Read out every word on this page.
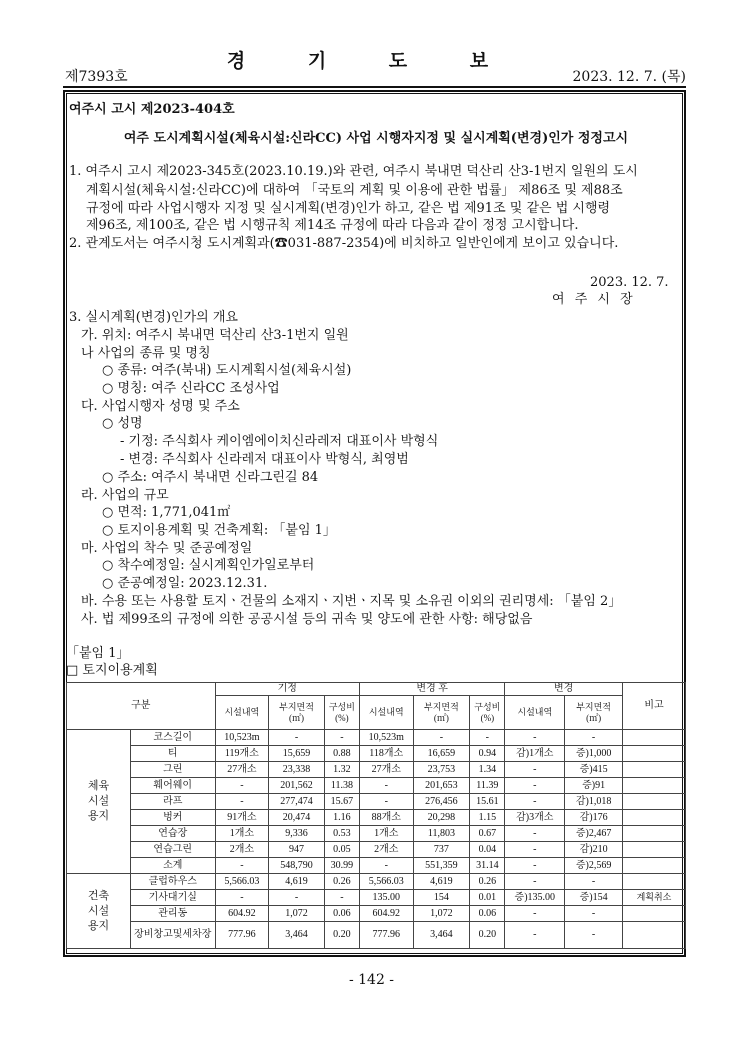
경 기 도 보
제7393호	2023. 12. 7. (목)
여주시 고시 제2023-404호
여주 도시계획시설(체육시설:신라CC) 사업 시행자지정 및 실시계획(변경)인가 정정고시
1. 여주시 고시 제2023-345호(2023.10.19.)와 관련, 여주시 북내면 덕산리 산3-1번지 일원의 도시
계획시설(체육시설:신라CC)에 대하여 「국토의 계획 및 이용에 관한 법률」 제86조 및 제88조
규정에 따라 사업시행자 지정 및 실시계획(변경)인가 하고, 같은 법 제91조 및 같은 법 시행령
제96조, 제100조, 같은 법 시행규칙 제14조 규정에 따라 다음과 같이 정정 고시합니다.
2. 관계도서는 여주시청 도시계획과(☎031-887-2354)에 비치하고 일반인에게 보이고 있습니다.
2023. 12. 7.
여 주 시 장
3. 실시계획(변경)인가의 개요
가. 위치: 여주시 북내면 덕산리 산3-1번지 일원
나 사업의 종류 및 명칭
○ 종류: 여주(북내) 도시계획시설(체육시설)
○ 명칭: 여주 신라CC 조성사업
다. 사업시행자 성명 및 주소
○ 성명
- 기정: 주식회사 케이엠에이치신라레저 대표이사 박형식
- 변경: 주식회사 신라레저 대표이사 박형식, 최영범
○ 주소: 여주시 북내면 신라그린길 84
라. 사업의 규모
○ 면적: 1,771,041㎡
○ 토지이용계획 및 건축계획: 「붙임 1」
마. 사업의 착수 및 준공예정일
○ 착수예정일: 실시계획인가일로부터
○ 준공예정일: 2023.12.31.
바. 수용 또는 사용할 토지ㆍ건물의 소재지ㆍ지번ㆍ지목 및 소유권 이외의 권리명세: 「붙임 2」
사. 법 제99조의 규정에 의한 공공시설 등의 귀속 및 양도에 관한 사항: 해당없음
「붙임 1」
□ 토지이용계획
구분		기정			변경 후			변경		비고
		시설내역	부지면적
(㎡)	구성비
(%)	시설내역	부지면적
(㎡)	구성비
(%)	시설내역	부지면적
(㎡)	
체육
시설
용지	코스길이	10,523m	-	-	10,523m	-	-	-	-	
	티	119개소	15,659	0.88	118개소	16,659	0.94	감)1개소	증)1,000	
	그린	27개소	23,338	1.32	27개소	23,753	1.34	-	증)415	
	훼어웨이	-	201,562	11.38	-	201,653	11.39	-	증)91	
	라프	-	277,474	15.67	-	276,456	15.61	-	감)1,018	
	벙커	91개소	20,474	1.16	88개소	20,298	1.15	감)3개소	감)176	
	연습장	1개소	9,336	0.53	1개소	11,803	0.67	-	증)2,467	
	연습그린	2개소	947	0.05	2개소	737	0.04	-	감)210	
	소계	-	548,790	30.99	-	551,359	31.14	-	증)2,569	
건축
시설
용지	클럽하우스	5,566.03	4,619	0.26	5,566.03	4,619	0.26	-	-	
	기사대기실	-	-	-	135.00	154	0.01	증)135.00	증)154	계획취소
	관리동	604.92	1,072	0.06	604.92	1,072	0.06	-	-	
	장비창고및세차장	777.96	3,464	0.20	777.96	3,464	0.20	-	-	
- 142 -
